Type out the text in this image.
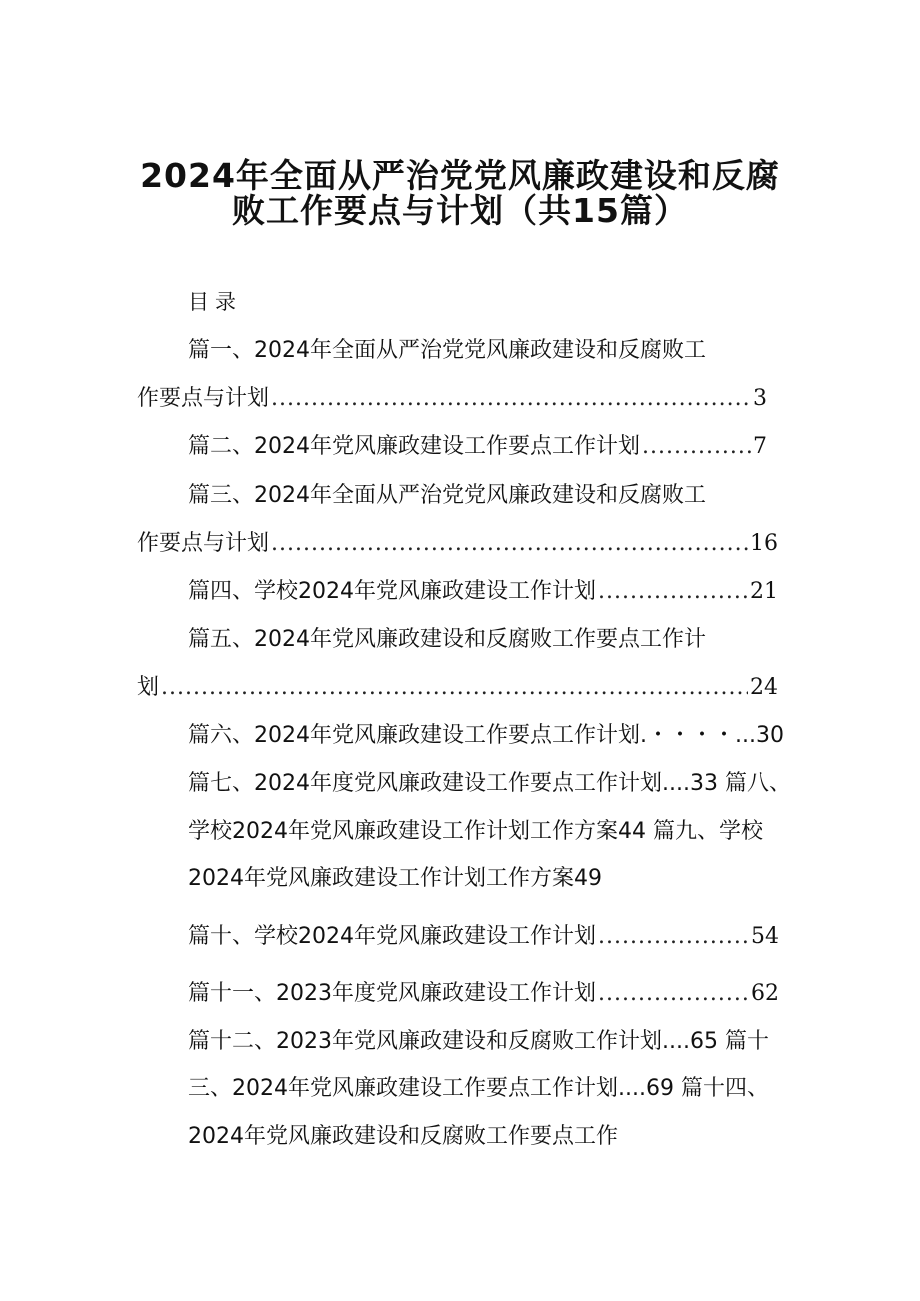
2024年全面从严治党党风廉政建设和反腐
败工作要点与计划（共15篇）
目录
篇一、2024年全面从严治党党风廉政建设和反腐败工
作要点与计划 .....	3
篇二、2024年党风廉政建设工作要点工作计划 .....	7
篇三、2024年全面从严治党党风廉政建设和反腐败工
作要点与计划 .....	16
篇四、学校2024年党风廉政建设工作计划 .....	21
篇五、2024年党风廉政建设和反腐败工作要点工作计
划 .....	24
篇六、2024年党风廉政建设工作要点工作计划.・・・・...30
篇七、2024年度党风廉政建设工作要点工作计划....33 篇八、
学校2024年党风廉政建设工作计划工作方案44 篇九、学校
2024年党风廉政建设工作计划工作方案49
篇十、学校2024年党风廉政建设工作计划 .....	54
篇十一、2023年度党风廉政建设工作计划 .....	62
篇十二、2023年党风廉政建设和反腐败工作计划....65 篇十
三、2024年党风廉政建设工作要点工作计划....69 篇十四、
2024年党风廉政建设和反腐败工作要点工作
